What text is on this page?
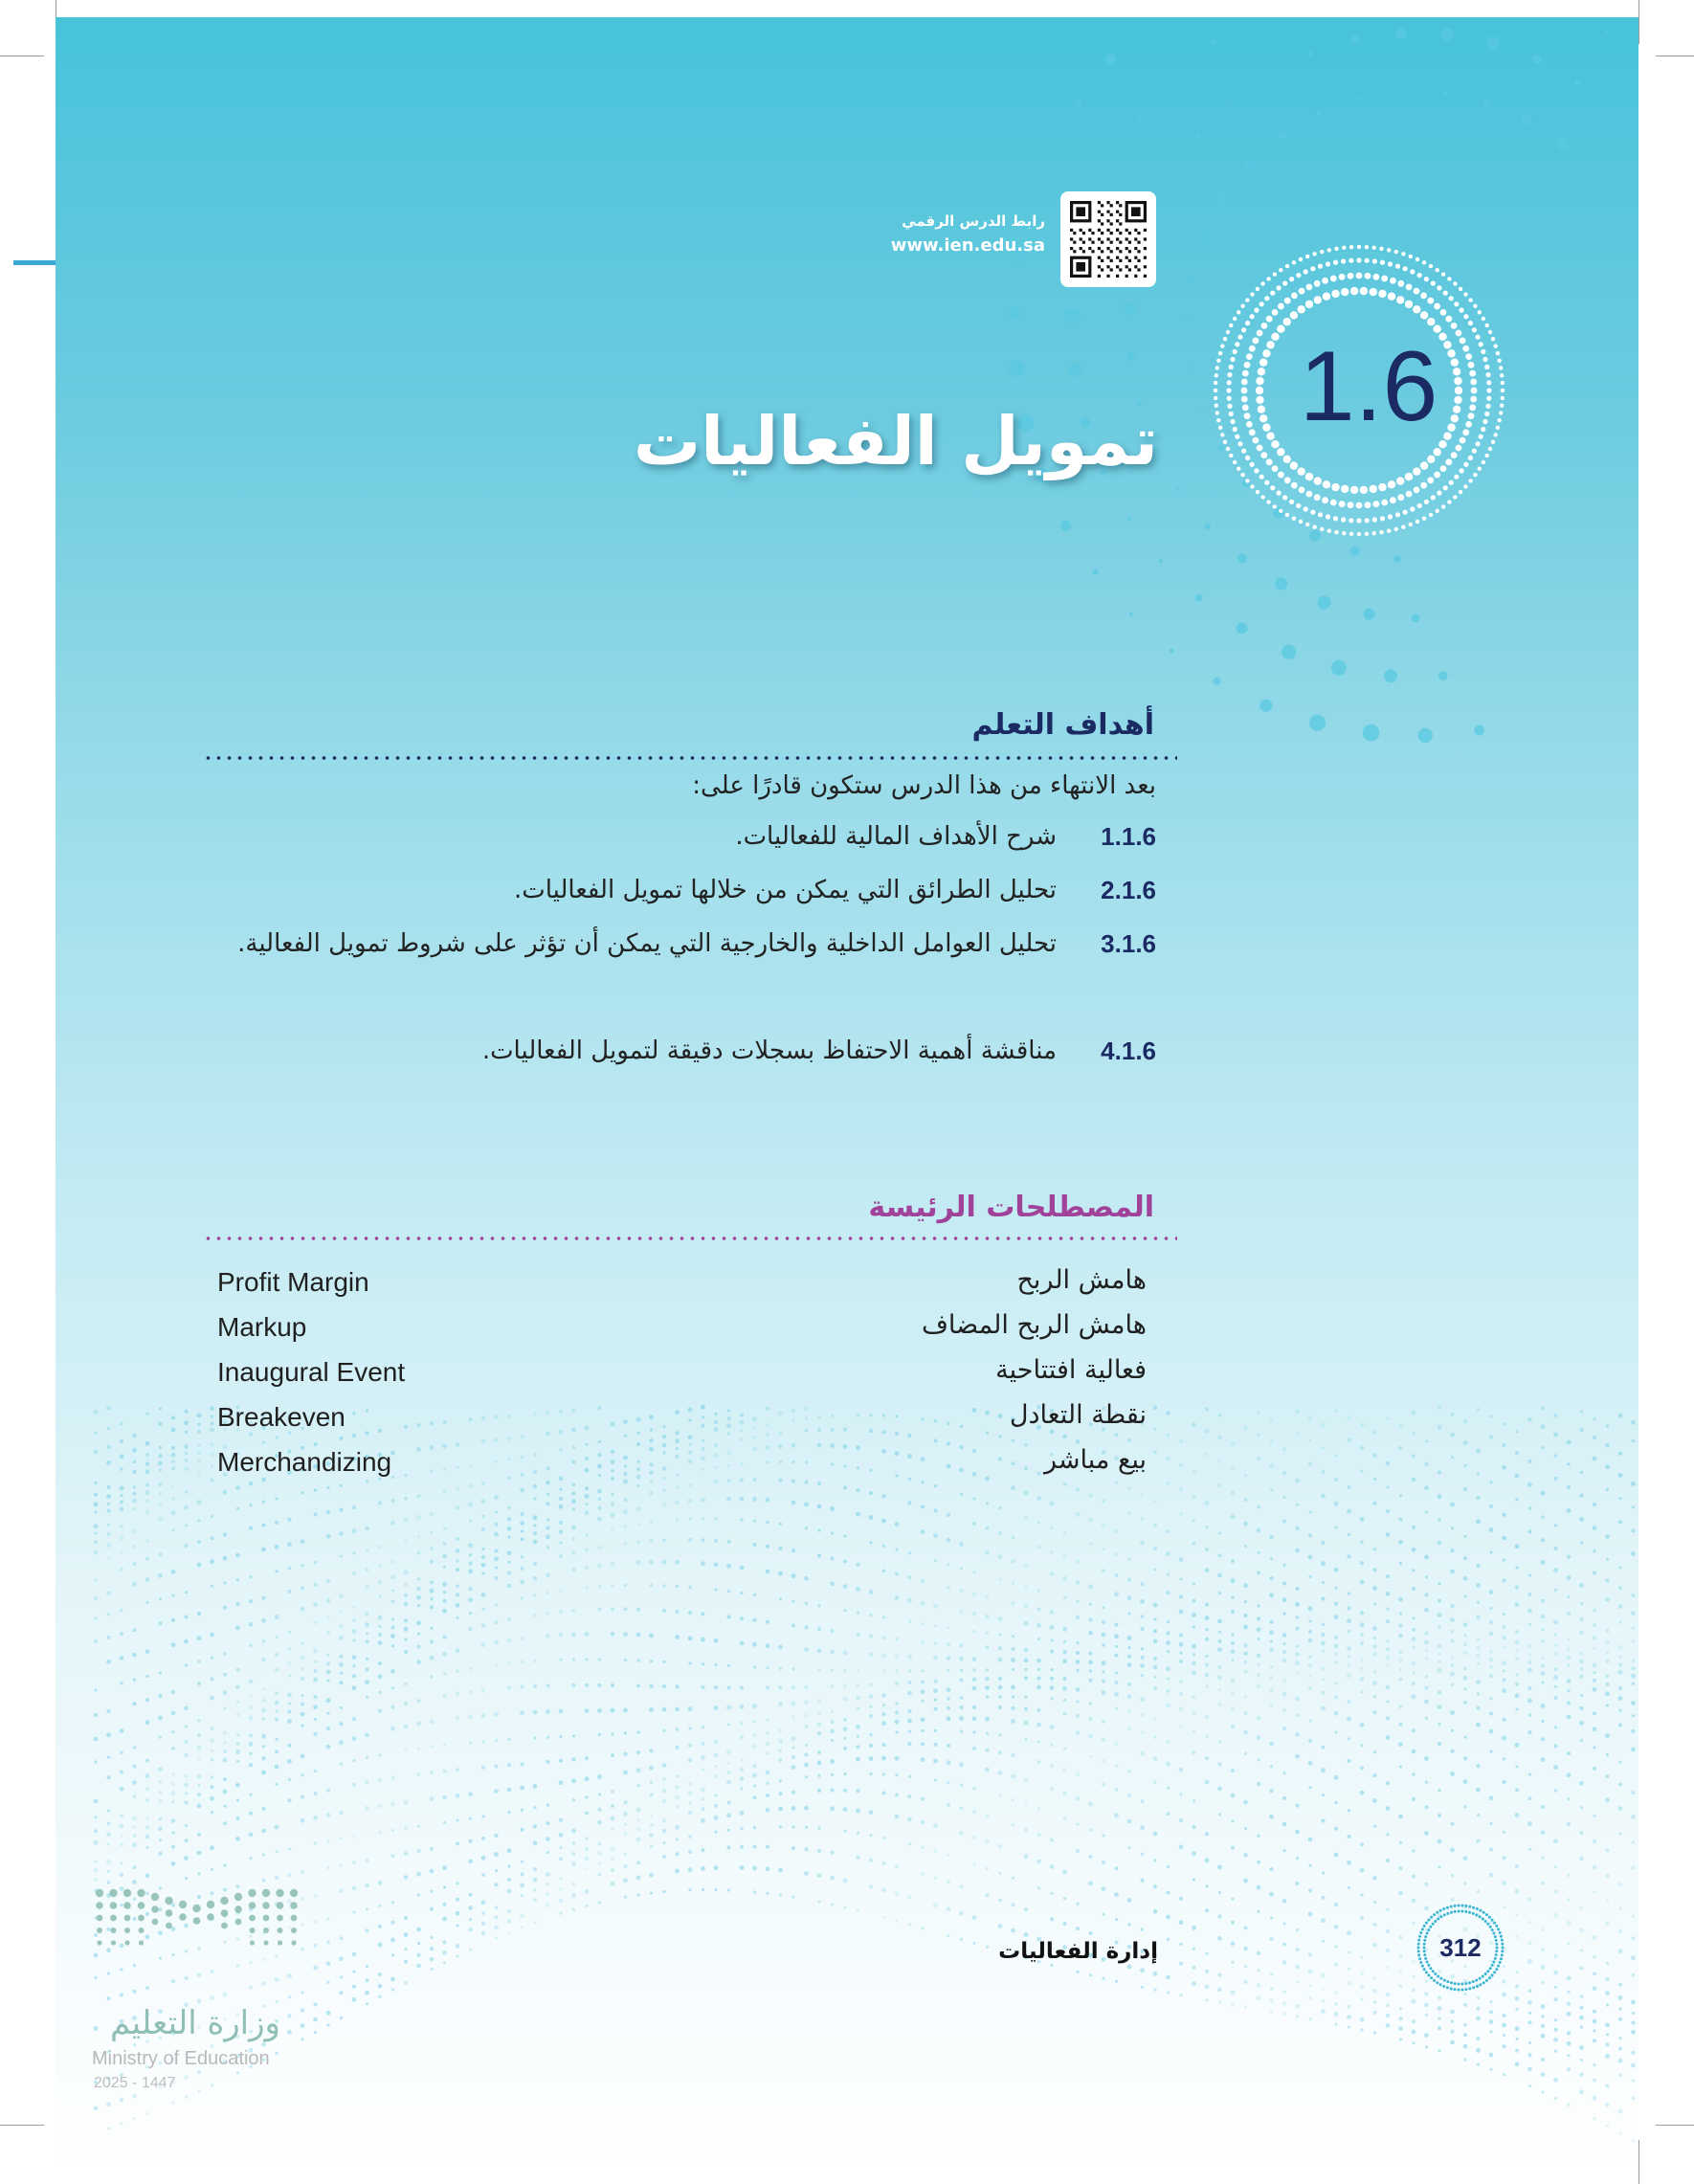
رابط الدرس الرقمي
www.ien.edu.sa
1.6
تمويل الفعاليات
أهداف التعلم
بعد الانتهاء من هذا الدرس ستكون قادرًا على:
1.1.6
شرح الأهداف المالية للفعاليات.
2.1.6
تحليل الطرائق التي يمكن من خلالها تمويل الفعاليات.
3.1.6
تحليل العوامل الداخلية والخارجية التي يمكن أن تؤثر على شروط تمويل الفعالية.
4.1.6
مناقشة أهمية الاحتفاظ بسجلات دقيقة لتمويل الفعاليات.
المصطلحات الرئيسة
Profit Margin	هامش الربح
Markup	هامش الربح المضاف
Inaugural Event	فعالية افتتاحية
Breakeven	نقطة التعادل
Merchandizing	بيع مباشر
إدارة الفعاليات	312
وزارة التعليم
Ministry of Education
2025 - 1447
